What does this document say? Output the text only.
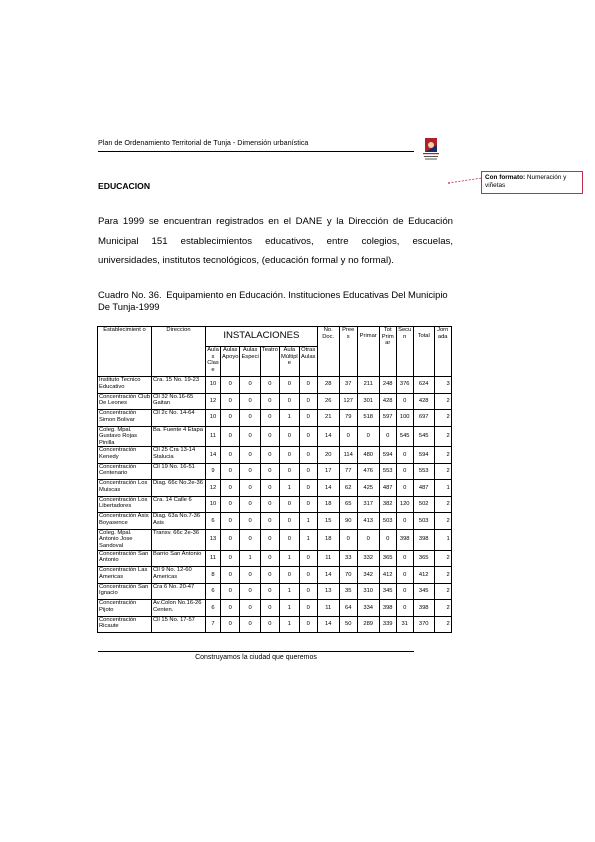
Plan de Ordenamiento Territorial de Tunja - Dimensión urbanística
Con formato: Numeración y viñetas
EDUCACION

Para 1999 se encuentran registrados en el DANE y la Dirección de Educación Municipal 151 establecimientos educativos, entre colegios, escuelas, universidades, institutos tecnológicos, (educación formal y no formal).

Cuadro No. 36. Equipamiento en Educación. Instituciones Educativas Del Municipio De Tunja-1999
Establecimient o	Direccion	INSTALACIONES						No. Doc.	Pree s	Primar	Tot Prim ar	Secu n	Total	Jorn ada
		Aula s Clas e	Aulas Apoyo	Aulas Especi	Teatro	Aula Múltipl e	Otras Aulas							
Instituto Tecnico Educativo	Cra. 15 No. 19-23	10	0	0	0	0	0	28	37	211	248	376	624	3
Concentración Club De Leones	Cll 32 No.16-65 Gaitan	12	0	0	0	0	0	26	127	301	428	0	428	2
Concentración Simon Bolivar	Cll 2c No. 14-64	10	0	0	0	1	0	21	79	518	597	100	697	2
Coleg. Mpal. Gustavo Rojas Pinilla	Ba. Fuente 4 Etapa	11	0	0	0	0	0	14	0	0	0	545	545	2
Concentración Kenedy	Cll 25 Cra 13-14 Stalucia	14	0	0	0	0	0	20	114	480	594	0	594	2
Concentración Centenario	Cll 19 No. 16-51	9	0	0	0	0	0	17	77	476	553	0	553	2
Concentración Los Muiscas	Diag. 66c No.2e-36	12	0	0	0	1	0	14	62	425	487	0	487	1
Concentración Los Libertadores	Cra. 14 Calle 6	10	0	0	0	0	0	18	65	317	382	120	502	2
Concentración Asis Boyasence	Diag. 63a No.7-36 Asis	6	0	0	0	0	1	15	90	413	503	0	503	2
Coleg. Mpal. Antonio Jose Sandoval	Transv. 66c 2e-36	13	0	0	0	0	1	18	0	0	0	398	398	1
Concentración San Antonio	Barrio San Antonio	11	0	1	0	1	0	11	33	332	365	0	365	2
Concentración Las Americas	Cll 9 No. 12-60 Americas	8	0	0	0	0	0	14	70	342	412	0	412	2
Concentración San Ignacio	Cra 6 No. 20-47	6	0	0	0	1	0	13	35	310	345	0	345	2
Concentración Pijoto	Av.Colon No.16-26 Centen.	6	0	0	0	1	0	11	64	334	398	0	398	2
Concentración Ricaute	Cll 15 No. 17-57	7	0	0	0	1	0	14	50	289	339	31	370	2
Construyamos la ciudad que queremos
